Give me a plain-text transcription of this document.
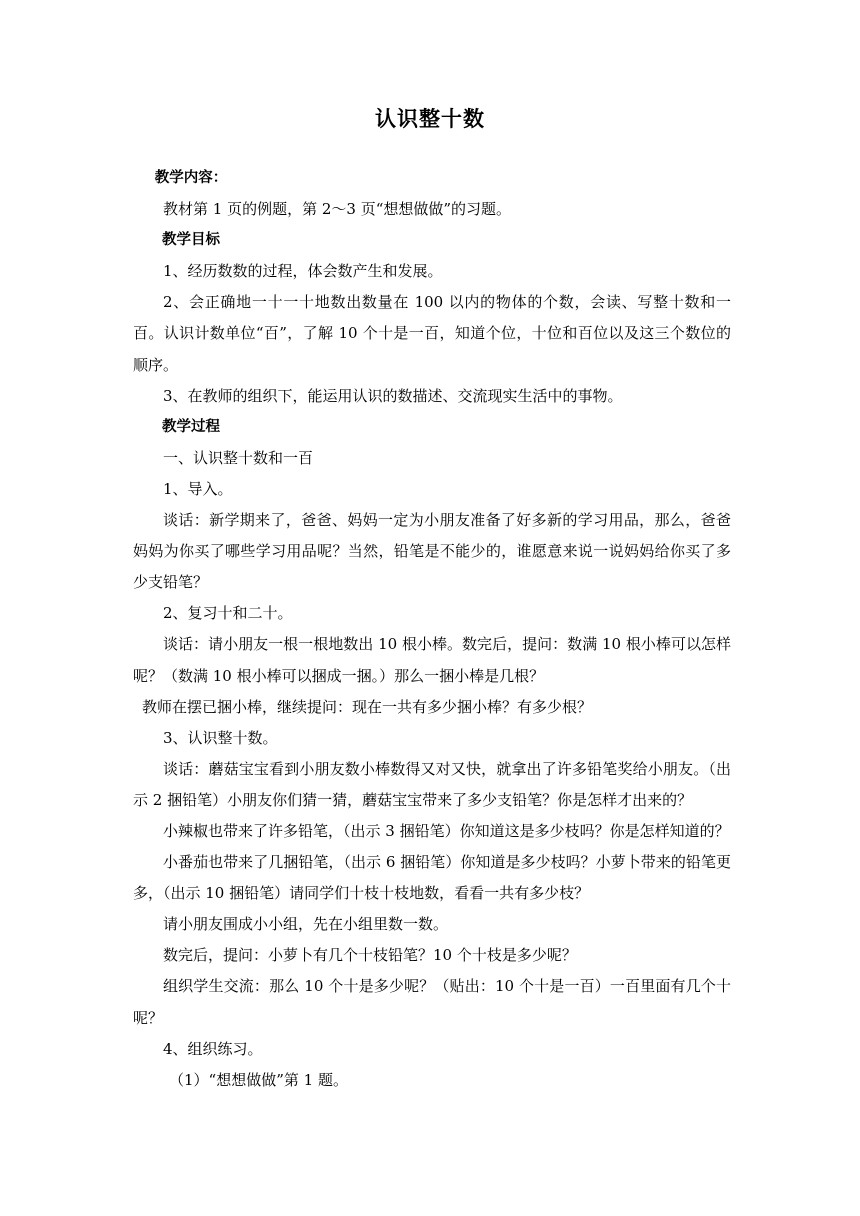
认识整十数

教学内容：

教材第 1 页的例题，第 2～3 页“想想做做”的习题。

教学目标

1、经历数数的过程，体会数产生和发展。

2、会正确地一十一十地数出数量在 100 以内的物体的个数，会读、写整十数和一百。认识计数单位“百”，了解 10 个十是一百，知道个位，十位和百位以及这三个数位的顺序。

3、在教师的组织下，能运用认识的数描述、交流现实生活中的事物。

教学过程

一、认识整十数和一百

1、导入。

谈话：新学期来了，爸爸、妈妈一定为小朋友准备了好多新的学习用品，那么，爸爸妈妈为你买了哪些学习用品呢？当然，铅笔是不能少的，谁愿意来说一说妈妈给你买了多少支铅笔？

2、复习十和二十。

谈话：请小朋友一根一根地数出 10 根小棒。数完后，提问：数满 10 根小棒可以怎样呢？（数满 10 根小棒可以捆成一捆。）那么一捆小棒是几根？

教师在摆已捆小棒，继续提问：现在一共有多少捆小棒？有多少根？

3、认识整十数。

谈话：蘑菇宝宝看到小朋友数小棒数得又对又快，就拿出了许多铅笔奖给小朋友。（出示 2 捆铅笔）小朋友你们猜一猜，蘑菇宝宝带来了多少支铅笔？你是怎样才出来的？

小辣椒也带来了许多铅笔，（出示 3 捆铅笔）你知道这是多少枝吗？你是怎样知道的？

小番茄也带来了几捆铅笔，（出示 6 捆铅笔）你知道是多少枝吗？小萝卜带来的铅笔更多，（出示 10 捆铅笔）请同学们十枝十枝地数，看看一共有多少枝？

请小朋友围成小小组，先在小组里数一数。

数完后，提问：小萝卜有几个十枝铅笔？10 个十枝是多少呢？

组织学生交流：那么 10 个十是多少呢？（贴出：10 个十是一百）一百里面有几个十呢？

4、组织练习。

（1）“想想做做”第 1 题。
